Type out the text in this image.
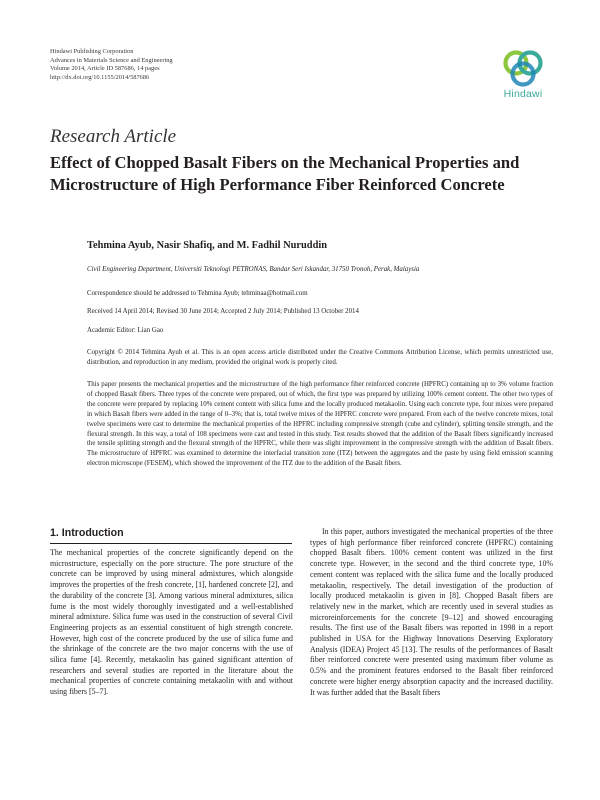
Hindawi Publishing Corporation
Advances in Materials Science and Engineering
Volume 2014, Article ID 587686, 14 pages
http://dx.doi.org/10.1155/2014/587686
Hindawi
Research Article
Effect of Chopped Basalt Fibers on the Mechanical Properties and Microstructure of High Performance Fiber Reinforced Concrete
Tehmina Ayub, Nasir Shafiq, and M. Fadhil Nuruddin
Civil Engineering Department, Universiti Teknologi PETRONAS, Bandar Seri Iskandar, 31750 Tronoh, Perak, Malaysia
Correspondence should be addressed to Tehmina Ayub; tehminaa@hotmail.com
Received 14 April 2014; Revised 30 June 2014; Accepted 2 July 2014; Published 13 October 2014
Academic Editor: Lian Gao
Copyright © 2014 Tehmina Ayub et al. This is an open access article distributed under the Creative Commons Attribution License, which permits unrestricted use, distribution, and reproduction in any medium, provided the original work is properly cited.
This paper presents the mechanical properties and the microstructure of the high performance fiber reinforced concrete (HPFRC) containing up to 3% volume fraction of chopped Basalt fibers. Three types of the concrete were prepared, out of which, the first type was prepared by utilizing 100% cement content. The other two types of the concrete were prepared by replacing 10% cement content with silica fume and the locally produced metakaolin. Using each concrete type, four mixes were prepared in which Basalt fibers were added in the range of 0–3%; that is, total twelve mixes of the HPFRC concrete were prepared. From each of the twelve concrete mixes, total twelve specimens were cast to determine the mechanical properties of the HPFRC including compressive strength (cube and cylinder), splitting tensile strength, and the flexural strength. In this way, a total of 108 specimens were cast and tested in this study. Test results showed that the addition of the Basalt fibers significantly increased the tensile splitting strength and the flexural strength of the HPFRC, while there was slight improvement in the compressive strength with the addition of Basalt fibers. The microstructure of HPFRC was examined to determine the interfacial transition zone (ITZ) between the aggregates and the paste by using field emission scanning electron microscope (FESEM), which showed the improvement of the ITZ due to the addition of the Basalt fibers.
1. Introduction

The mechanical properties of the concrete significantly depend on the microstructure, especially on the pore structure. The pore structure of the concrete can be improved by using mineral admixtures, which alongside improves the properties of the fresh concrete, [1], hardened concrete [2], and the durability of the concrete [3]. Among various mineral admixtures, silica fume is the most widely thoroughly investigated and a well-established mineral admixture. Silica fume was used in the construction of several Civil Engineering projects as an essential constituent of high strength concrete. However, high cost of the concrete produced by the use of silica fume and the shrinkage of the concrete are the two major concerns with the use of silica fume [4]. Recently, metakaolin has gained significant attention of researchers and several studies are reported in the literature about the mechanical properties of concrete containing metakaolin with and without using fibers [5–7].

In this paper, authors investigated the mechanical properties of the three types of high performance fiber reinforced concrete (HPFRC) containing chopped Basalt fibers. 100% cement content was utilized in the first concrete type. However, in the second and the third concrete type, 10% cement content was replaced with the silica fume and the locally produced metakaolin, respectively. The detail investigation of the production of locally produced metakaolin is given in [8]. Chopped Basalt fibers are relatively new in the market, which are recently used in several studies as microreinforcements for the concrete [9–12] and showed encouraging results. The first use of the Basalt fibers was reported in 1998 in a report published in USA for the Highway Innovations Deserving Exploratory Analysis (IDEA) Project 45 [13]. The results of the performances of Basalt fiber reinforced concrete were presented using maximum fiber volume as 0.5% and the prominent features endorsed to the Basalt fiber reinforced concrete were higher energy absorption capacity and the increased ductility. It was further added that the Basalt fibers
